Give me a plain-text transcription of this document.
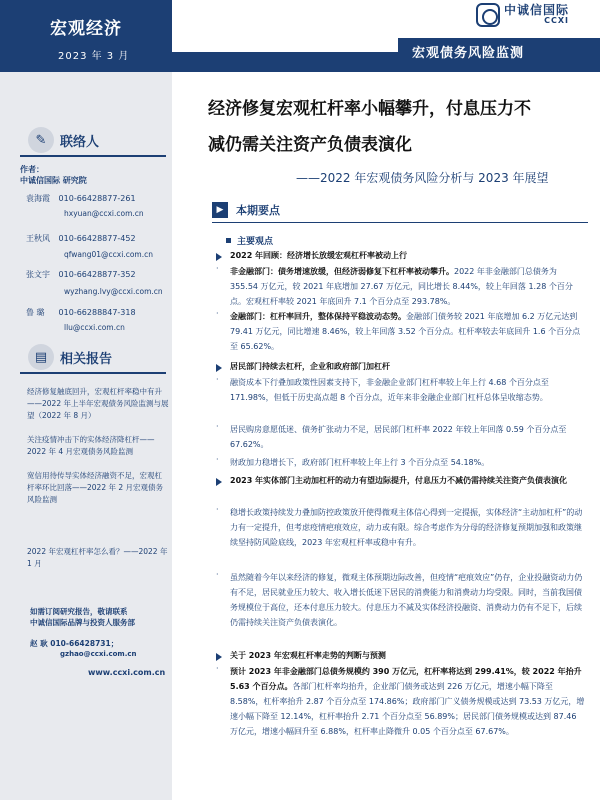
宏观经济
2023 年 3 月	宏观债务风险监测
中诚信国际
CCXI
✎	联络人
作者：
中诚信国际 研究院
袁海霞 010-66428877-261
hxyuan@ccxi.com.cn
王秋风 010-66428877-452
qfwang01@ccxi.com.cn
张文宇 010-66428877-352
wyzhang.lvy@ccxi.com.cn
鲁 璐 010-66288847-318
llu@ccxi.com.cn
▤ 相关报告
经济修复触底回升，宏观杠杆率稳中有升——2022 年上半年宏观债务风险监测与展望（2022 年 8 月）
关注疫情冲击下的实体经济降杠杆——2022 年 4 月宏观债务风险监测
宽信用待传导实体经济融资不足，宏观杠杆率环比回落——2022 年 2 月宏观债务风险监测
2022 年宏观杠杆率怎么看？——2022 年 1 月
如需订阅研究报告，敬请联系
中诚信国际品牌与投资人服务部
赵 耿 010-66428731；
gzhao@ccxi.com.cn
www.ccxi.com.cn
经济修复宏观杠杆率小幅攀升，付息压力不
减仍需关注资产负债表演化
——2022 年宏观债务风险分析与 2023 年展望
▶	本期要点
主要观点
2022 年回顾：经济增长放缓宏观杠杆率被动上行
· 非金融部门：债务增速放缓，但经济弱修复下杠杆率被动攀升。2022 年非金融部门总债务为 355.54 万亿元，较 2021 年底增加 27.67 万亿元，同比增长 8.44%，较上年回落 1.28 个百分点。宏观杠杆率较 2021 年底回升 7.1 个百分点至 293.78%。
· 金融部门：杠杆率回升，整体保持平稳波动态势。金融部门债务较 2021 年底增加 6.2 万亿元达到 79.41 万亿元，同比增速 8.46%，较上年回落 3.52 个百分点。杠杆率较去年底回升 1.6 个百分点至 65.62%。
居民部门持续去杠杆，企业和政府部门加杠杆
· 融资成本下行叠加政策性因素支持下，非金融企业部门杠杆率较上年上行 4.68 个百分点至 171.98%，但低于历史高点超 8 个百分点，近年来非金融企业部门杠杆总体呈收缩态势。
· 居民购房意愿低迷、债务扩张动力不足，居民部门杠杆率 2022 年较上年回落 0.59 个百分点至 67.62%。
· 财政加力稳增长下，政府部门杠杆率较上年上行 3 个百分点至 54.18%。
2023 年实体部门主动加杠杆的动力有望边际提升，付息压力不减仍需持续关注资产负债表演化
· 稳增长政策持续发力叠加防控政策放开使得微观主体信心得到一定提振，实体经济“主动加杠杆”的动力有一定提升，但考虑疫情疤痕效应，动力或有限。综合考虑作为分母的经济修复预期加强和政策继续坚持防风险底线，2023 年宏观杠杆率或稳中有升。
· 虽然随着今年以来经济的修复，微观主体预期边际改善，但疫情“疤痕效应”仍存，企业投融资动力仍有不足，居民就业压力较大、收入增长低迷下居民的消费能力和消费动力均受限。同时，当前我国债务规模位于高位，还本付息压力较大。付息压力不减及实体经济投融资、消费动力仍有不足下，后续仍需持续关注资产负债表演化。
关于 2023 年宏观杠杆率走势的判断与预测
· 预计 2023 年非金融部门总债务规模约 390 万亿元，杠杆率将达到 299.41%，较 2022 年抬升 5.63 个百分点。各部门杠杆率均抬升，企业部门债务或达到 226 万亿元，增速小幅下降至 8.58%，杠杆率抬升 2.87 个百分点至 174.86%；政府部门广义债务规模或达到 73.53 万亿元，增速小幅下降至 12.14%，杠杆率抬升 2.71 个百分点至 56.89%；居民部门债务规模或达到 87.46 万亿元，增速小幅回升至 6.88%，杠杆率止降微升 0.05 个百分点至 67.67%。
